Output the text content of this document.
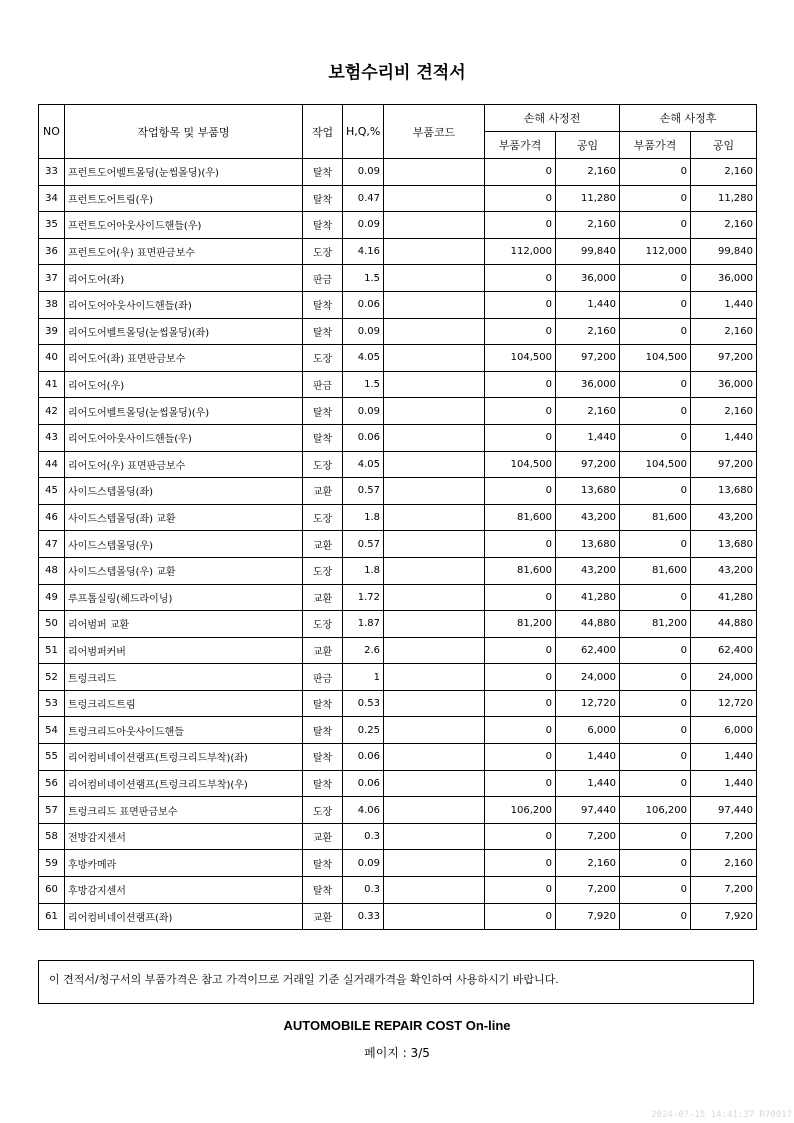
보험수리비 견적서
NO	작업항목 및 부품명	작업	H,Q,%	부품코드	손해 사정전		손해 사정후	
					부품가격	공임	부품가격	공임
33	프런트도어벨트몰딩(눈썹몰딩)(우)	탈착	0.09		0	2,160	0	2,160
34	프런트도어트림(우)	탈착	0.47		0	11,280	0	11,280
35	프런트도어아웃사이드핸들(우)	탈착	0.09		0	2,160	0	2,160
36	프런트도어(우) 표면판금보수	도장	4.16		112,000	99,840	112,000	99,840
37	리어도어(좌)	판금	1.5		0	36,000	0	36,000
38	리어도어아웃사이드핸들(좌)	탈착	0.06		0	1,440	0	1,440
39	리어도어벨트몰딩(눈썹몰딩)(좌)	탈착	0.09		0	2,160	0	2,160
40	리어도어(좌) 표면판금보수	도장	4.05		104,500	97,200	104,500	97,200
41	리어도어(우)	판금	1.5		0	36,000	0	36,000
42	리어도어벨트몰딩(눈썹몰딩)(우)	탈착	0.09		0	2,160	0	2,160
43	리어도어아웃사이드핸들(우)	탈착	0.06		0	1,440	0	1,440
44	리어도어(우) 표면판금보수	도장	4.05		104,500	97,200	104,500	97,200
45	사이드스텝몰딩(좌)	교환	0.57		0	13,680	0	13,680
46	사이드스텝몰딩(좌) 교환	도장	1.8		81,600	43,200	81,600	43,200
47	사이드스텝몰딩(우)	교환	0.57		0	13,680	0	13,680
48	사이드스텝몰딩(우) 교환	도장	1.8		81,600	43,200	81,600	43,200
49	루프톱실링(헤드라이닝)	교환	1.72		0	41,280	0	41,280
50	리어범퍼 교환	도장	1.87		81,200	44,880	81,200	44,880
51	리어범퍼커버	교환	2.6		0	62,400	0	62,400
52	트렁크리드	판금	1		0	24,000	0	24,000
53	트렁크리드트림	탈착	0.53		0	12,720	0	12,720
54	트렁크리드아웃사이드핸들	탈착	0.25		0	6,000	0	6,000
55	리어컴비네이션램프(트렁크리드부착)(좌)	탈착	0.06		0	1,440	0	1,440
56	리어컴비네이션램프(트렁크리드부착)(우)	탈착	0.06		0	1,440	0	1,440
57	트렁크리드 표면판금보수	도장	4.06		106,200	97,440	106,200	97,440
58	전방감지센서	교환	0.3		0	7,200	0	7,200
59	후방카메라	탈착	0.09		0	2,160	0	2,160
60	후방감지센서	탈착	0.3		0	7,200	0	7,200
61	리어컴비네이션램프(좌)	교환	0.33		0	7,920	0	7,920
이 견적서/청구서의 부품가격은 참고 가격이므로 거래일 기준 실거래가격을 확인하여 사용하시기 바랍니다.
AUTOMOBILE REPAIR COST On-line
페이지 : 3/5
2024-07-15 14:41:37 R70017
